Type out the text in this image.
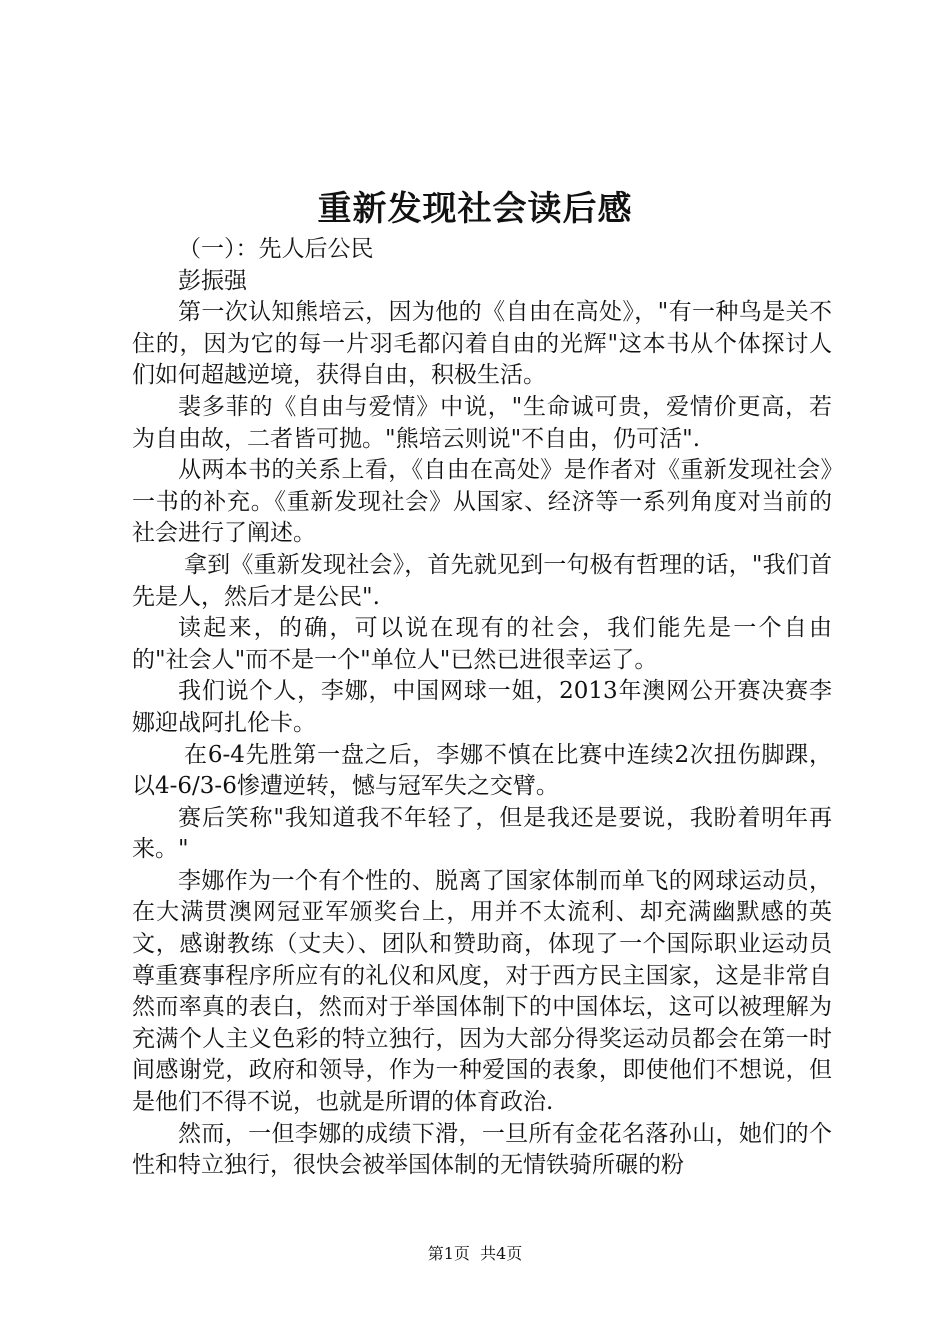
重新发现社会读后感

（一）：先人后公民

彭振强

第一次认知熊培云，因为他的《自由在高处》，"有一种鸟是关不住的，因为它的每一片羽毛都闪着自由的光辉"这本书从个体探讨人们如何超越逆境，获得自由，积极生活。

裴多菲的《自由与爱情》中说，"生命诚可贵，爱情价更高，若为自由故，二者皆可抛。"熊培云则说"不自由，仍可活".

从两本书的关系上看，《自由在高处》是作者对《重新发现社会》一书的补充。《重新发现社会》从国家、经济等一系列角度对当前的社会进行了阐述。

拿到《重新发现社会》，首先就见到一句极有哲理的话，"我们首先是人，然后才是公民".

读起来，的确，可以说在现有的社会，我们能先是一个自由的"社会人"而不是一个"单位人"已然已进很幸运了。

我们说个人，李娜，中国网球一姐，2013年澳网公开赛决赛李娜迎战阿扎伦卡。

在6-4先胜第一盘之后，李娜不慎在比赛中连续2次扭伤脚踝，以4-6/3-6惨遭逆转，憾与冠军失之交臂。

赛后笑称"我知道我不年轻了，但是我还是要说，我盼着明年再来。"

李娜作为一个有个性的、脱离了国家体制而单飞的网球运动员，在大满贯澳网冠亚军颁奖台上，用并不太流利、却充满幽默感的英文，感谢教练（丈夫）、团队和赞助商，体现了一个国际职业运动员尊重赛事程序所应有的礼仪和风度，对于西方民主国家，这是非常自然而率真的表白，然而对于举国体制下的中国体坛，这可以被理解为充满个人主义色彩的特立独行，因为大部分得奖运动员都会在第一时间感谢党，政府和领导，作为一种爱国的表象，即使他们不想说，但是他们不得不说，也就是所谓的体育政治.

然而，一但李娜的成绩下滑，一旦所有金花名落孙山，她们的个性和特立独行，很快会被举国体制的无情铁骑所碾的粉

第1页 共4页
